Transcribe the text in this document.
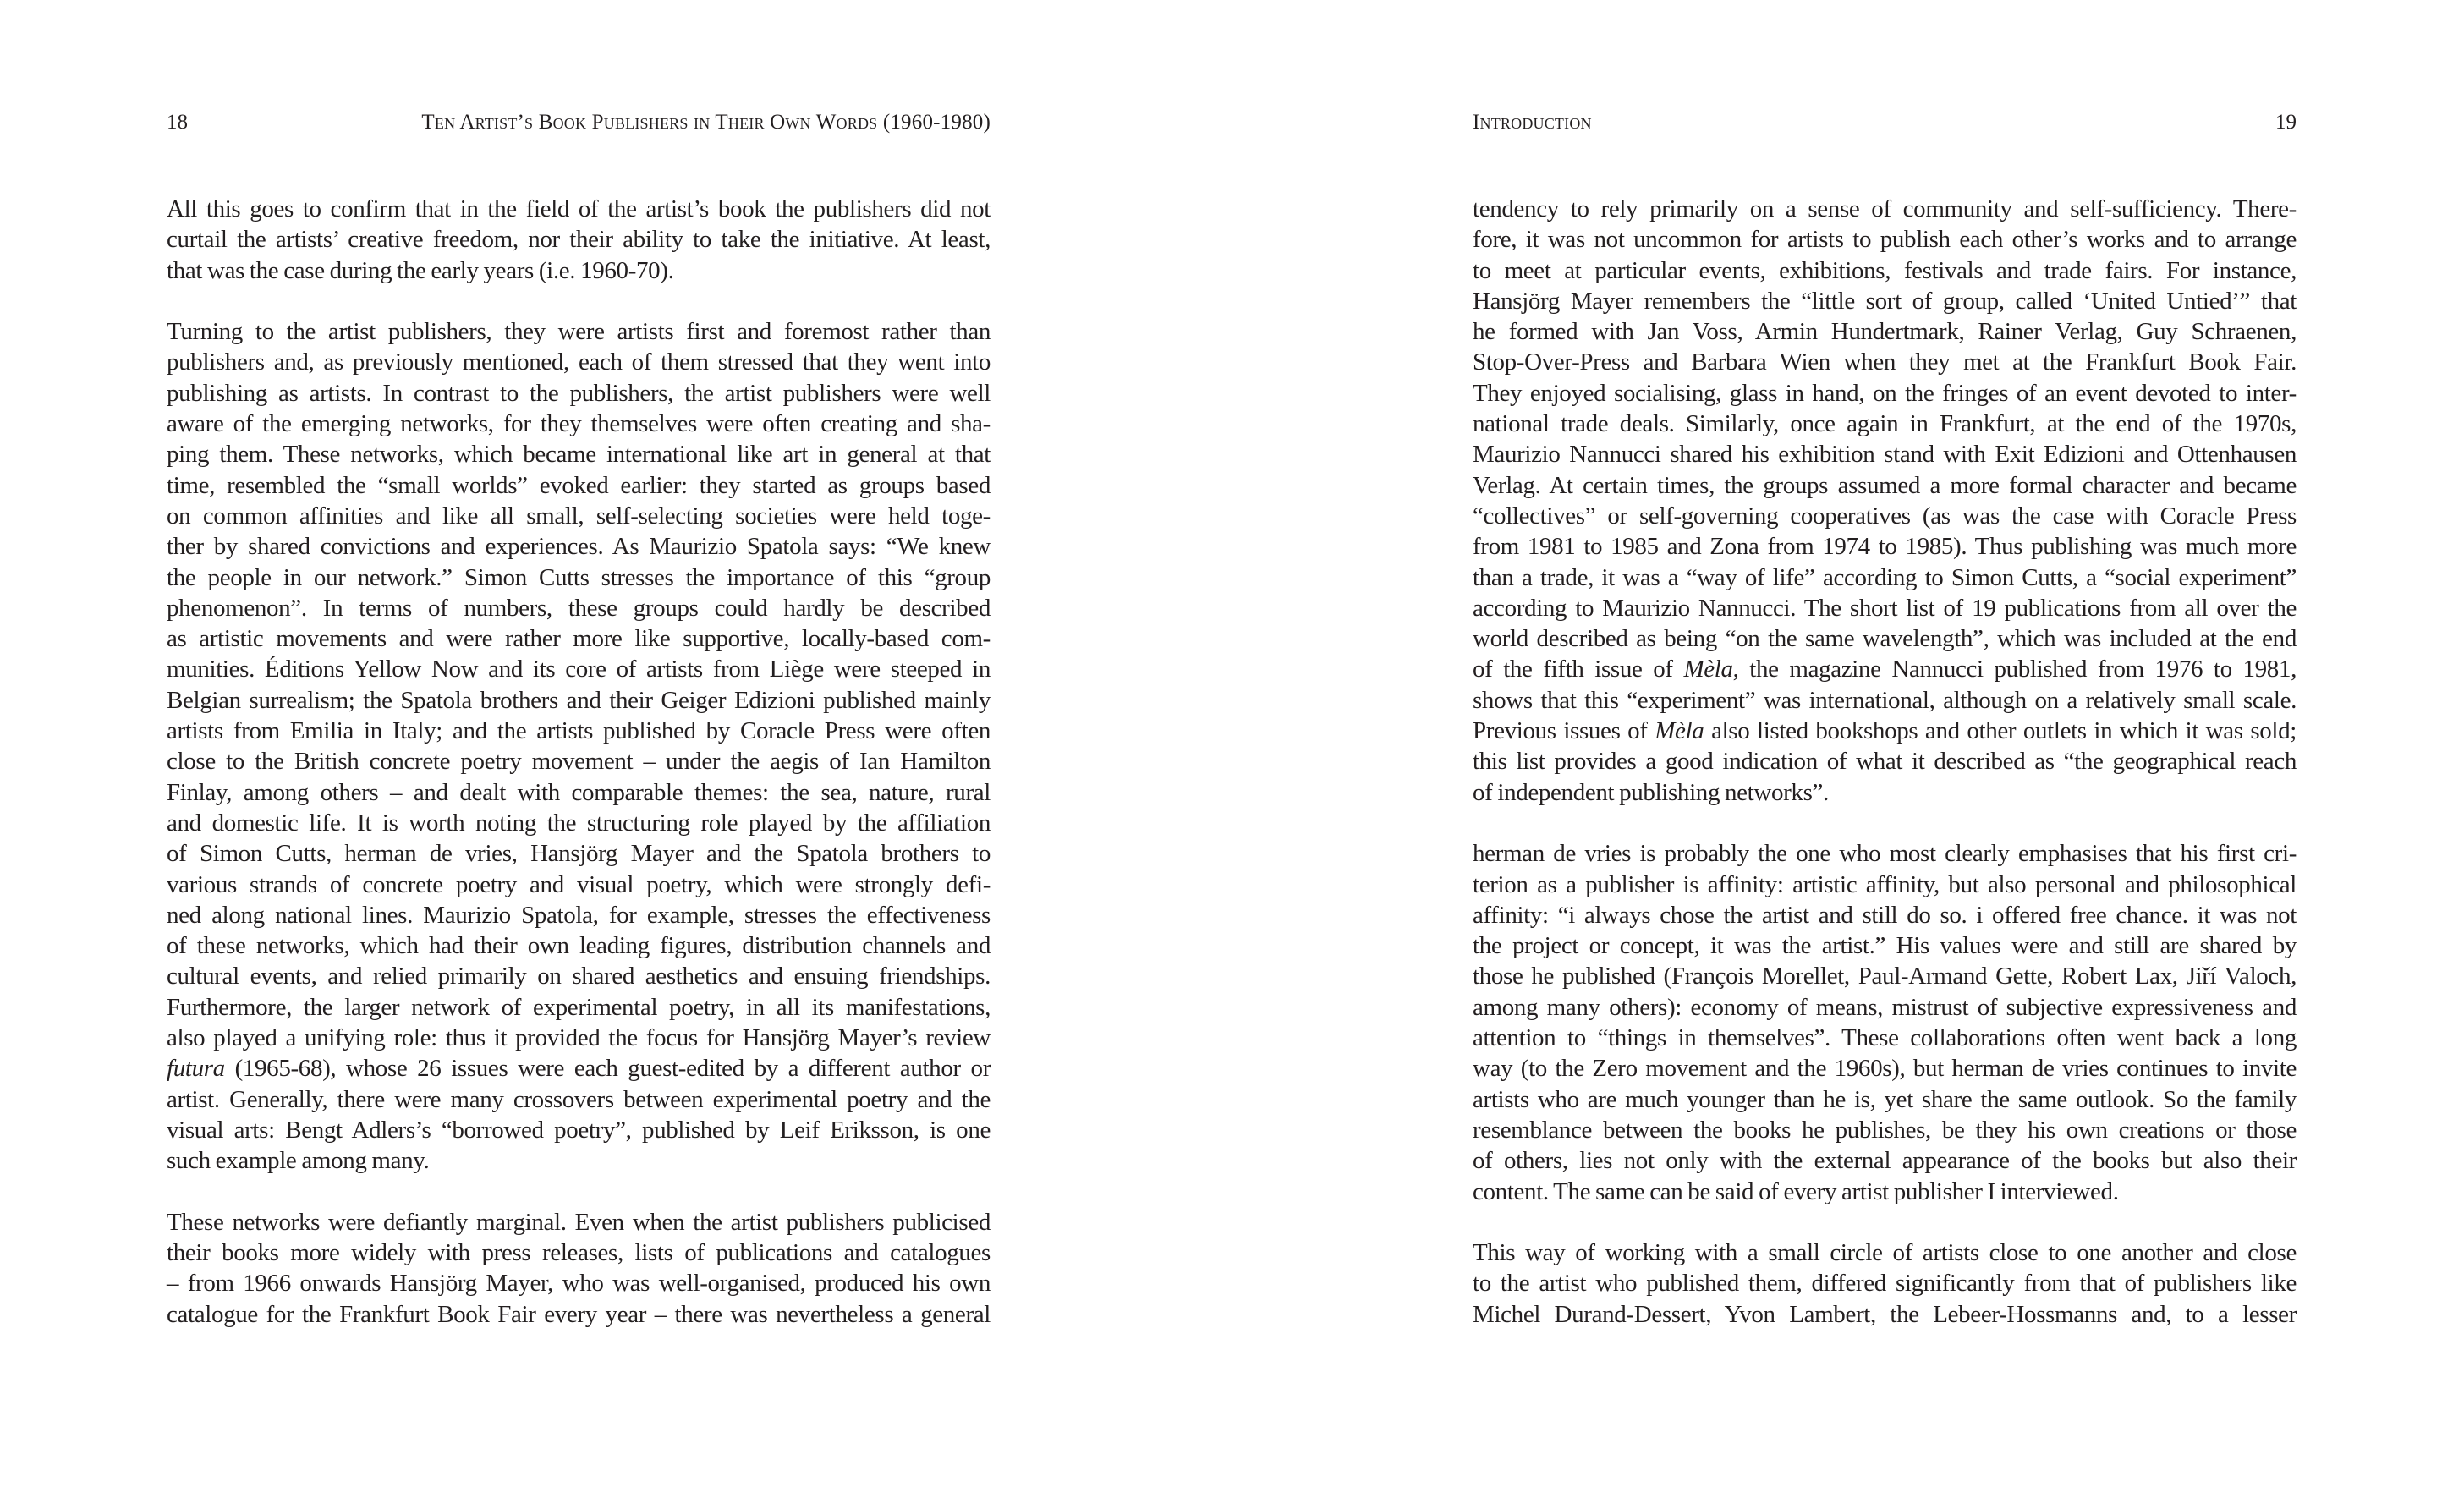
18	Ten Artist’s Book Publishers in Their Own Words (1960-1980)

All this goes to confirm that in the field of the artist’s book the publishers did not
curtail the artists’ creative freedom, nor their ability to take the initiative. At least,
that was the case during the early years (i.e. 1960-70).

Turning to the artist publishers, they were artists first and foremost rather than
publishers and, as previously mentioned, each of them stressed that they went into
publishing as artists. In contrast to the publishers, the artist publishers were well
aware of the emerging networks, for they themselves were often creating and sha-
ping them. These networks, which became international like art in general at that
time, resembled the “small worlds” evoked earlier: they started as groups based
on common affinities and like all small, self-selecting societies were held toge-
ther by shared convictions and experiences. As Maurizio Spatola says: “We knew
the people in our network.” Simon Cutts stresses the importance of this “group
phenomenon”. In terms of numbers, these groups could hardly be described
as artistic movements and were rather more like supportive, locally-based com-
munities. Éditions Yellow Now and its core of artists from Liège were steeped in
Belgian surrealism; the Spatola brothers and their Geiger Edizioni published mainly
artists from Emilia in Italy; and the artists published by Coracle Press were often
close to the British concrete poetry movement – under the aegis of Ian Hamilton
Finlay, among others – and dealt with comparable themes: the sea, nature, rural
and domestic life. It is worth noting the structuring role played by the affiliation
of Simon Cutts, herman de vries, Hansjörg Mayer and the Spatola brothers to
various strands of concrete poetry and visual poetry, which were strongly defi-
ned along national lines. Maurizio Spatola, for example, stresses the effectiveness
of these networks, which had their own leading figures, distribution channels and
cultural events, and relied primarily on shared aesthetics and ensuing friendships.
Furthermore, the larger network of experimental poetry, in all its manifestations,
also played a unifying role: thus it provided the focus for Hansjörg Mayer’s review
futura (1965-68), whose 26 issues were each guest-edited by a different author or
artist. Generally, there were many crossovers between experimental poetry and the
visual arts: Bengt Adlers’s “borrowed poetry”, published by Leif Eriksson, is one
such example among many.

These networks were defiantly marginal. Even when the artist publishers publicised
their books more widely with press releases, lists of publications and catalogues
– from 1966 onwards Hansjörg Mayer, who was well-organised, produced his own
catalogue for the Frankfurt Book Fair every year – there was nevertheless a general

Introduction	19

tendency to rely primarily on a sense of community and self-sufficiency. There-
fore, it was not uncommon for artists to publish each other’s works and to arrange
to meet at particular events, exhibitions, festivals and trade fairs. For instance,
Hansjörg Mayer remembers the “little sort of group, called ‘United Untied’” that
he formed with Jan Voss, Armin Hundertmark, Rainer Verlag, Guy Schraenen,
Stop-Over-Press and Barbara Wien when they met at the Frankfurt Book Fair.
They enjoyed socialising, glass in hand, on the fringes of an event devoted to inter-
national trade deals. Similarly, once again in Frankfurt, at the end of the 1970s,
Maurizio Nannucci shared his exhibition stand with Exit Edizioni and Ottenhausen
Verlag. At certain times, the groups assumed a more formal character and became
“collectives” or self-governing cooperatives (as was the case with Coracle Press
from 1981 to 1985 and Zona from 1974 to 1985). Thus publishing was much more
than a trade, it was a “way of life” according to Simon Cutts, a “social experiment”
according to Maurizio Nannucci. The short list of 19 publications from all over the
world described as being “on the same wavelength”, which was included at the end
of the fifth issue of Mèla, the magazine Nannucci published from 1976 to 1981,
shows that this “experiment” was international, although on a relatively small scale.
Previous issues of Mèla also listed bookshops and other outlets in which it was sold;
this list provides a good indication of what it described as “the geographical reach
of independent publishing networks”.

herman de vries is probably the one who most clearly emphasises that his first cri-
terion as a publisher is affinity: artistic affinity, but also personal and philosophical
affinity: “i always chose the artist and still do so. i offered free chance. it was not
the project or concept, it was the artist.” His values were and still are shared by
those he published (François Morellet, Paul-Armand Gette, Robert Lax, Jiří Valoch,
among many others): economy of means, mistrust of subjective expressiveness and
attention to “things in themselves”. These collaborations often went back a long
way (to the Zero movement and the 1960s), but herman de vries continues to invite
artists who are much younger than he is, yet share the same outlook. So the family
resemblance between the books he publishes, be they his own creations or those
of others, lies not only with the external appearance of the books but also their
content. The same can be said of every artist publisher I interviewed.

This way of working with a small circle of artists close to one another and close
to the artist who published them, differed significantly from that of publishers like
Michel Durand-Dessert, Yvon Lambert, the Lebeer-Hossmanns and, to a lesser
